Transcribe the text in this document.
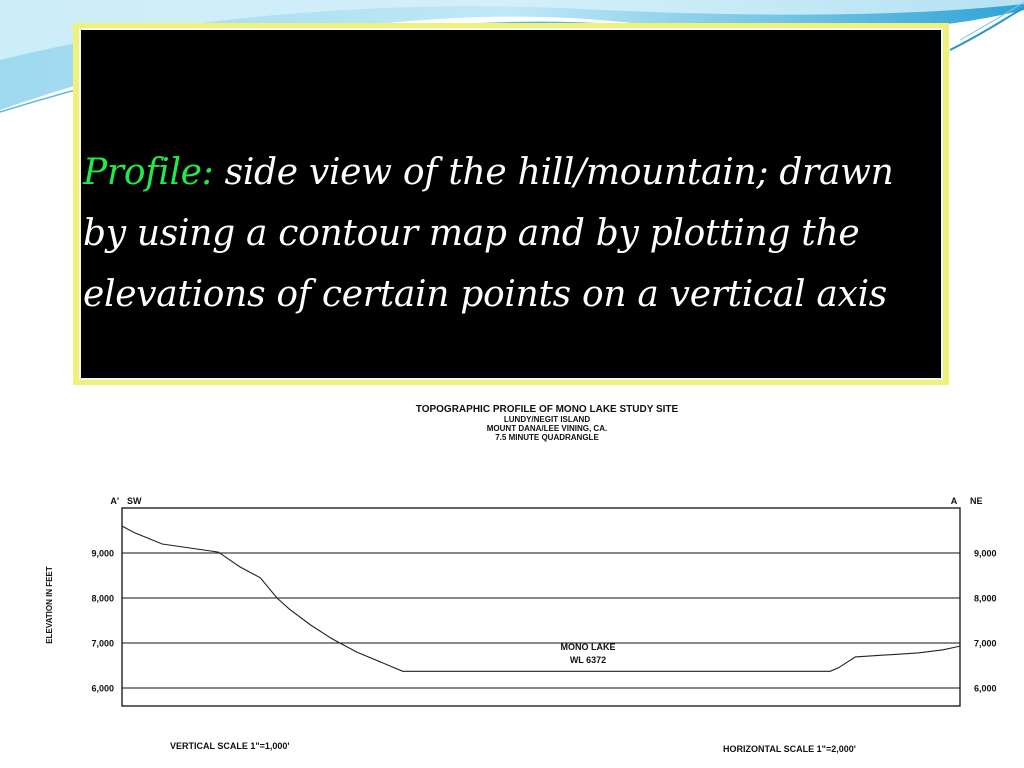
Profile: side view of the hill/mountain; drawn by using a contour map and by plotting the elevations of certain points on a vertical axis
TOPOGRAPHIC PROFILE OF MONO LAKE STUDY SITE
LUNDY/NEGIT ISLAND
MOUNT DANA/LEE VINING, CA.
7.5 MINUTE QUADRANGLE
9,000
8,000
7,000
6,000
9,000
8,000
7,000
6,000
A' SW	A NE
ELEVATION IN FEET
MONO LAKE
WL 6372
VERTICAL SCALE 1"=1,000'	HORIZONTAL SCALE 1"=2,000'
